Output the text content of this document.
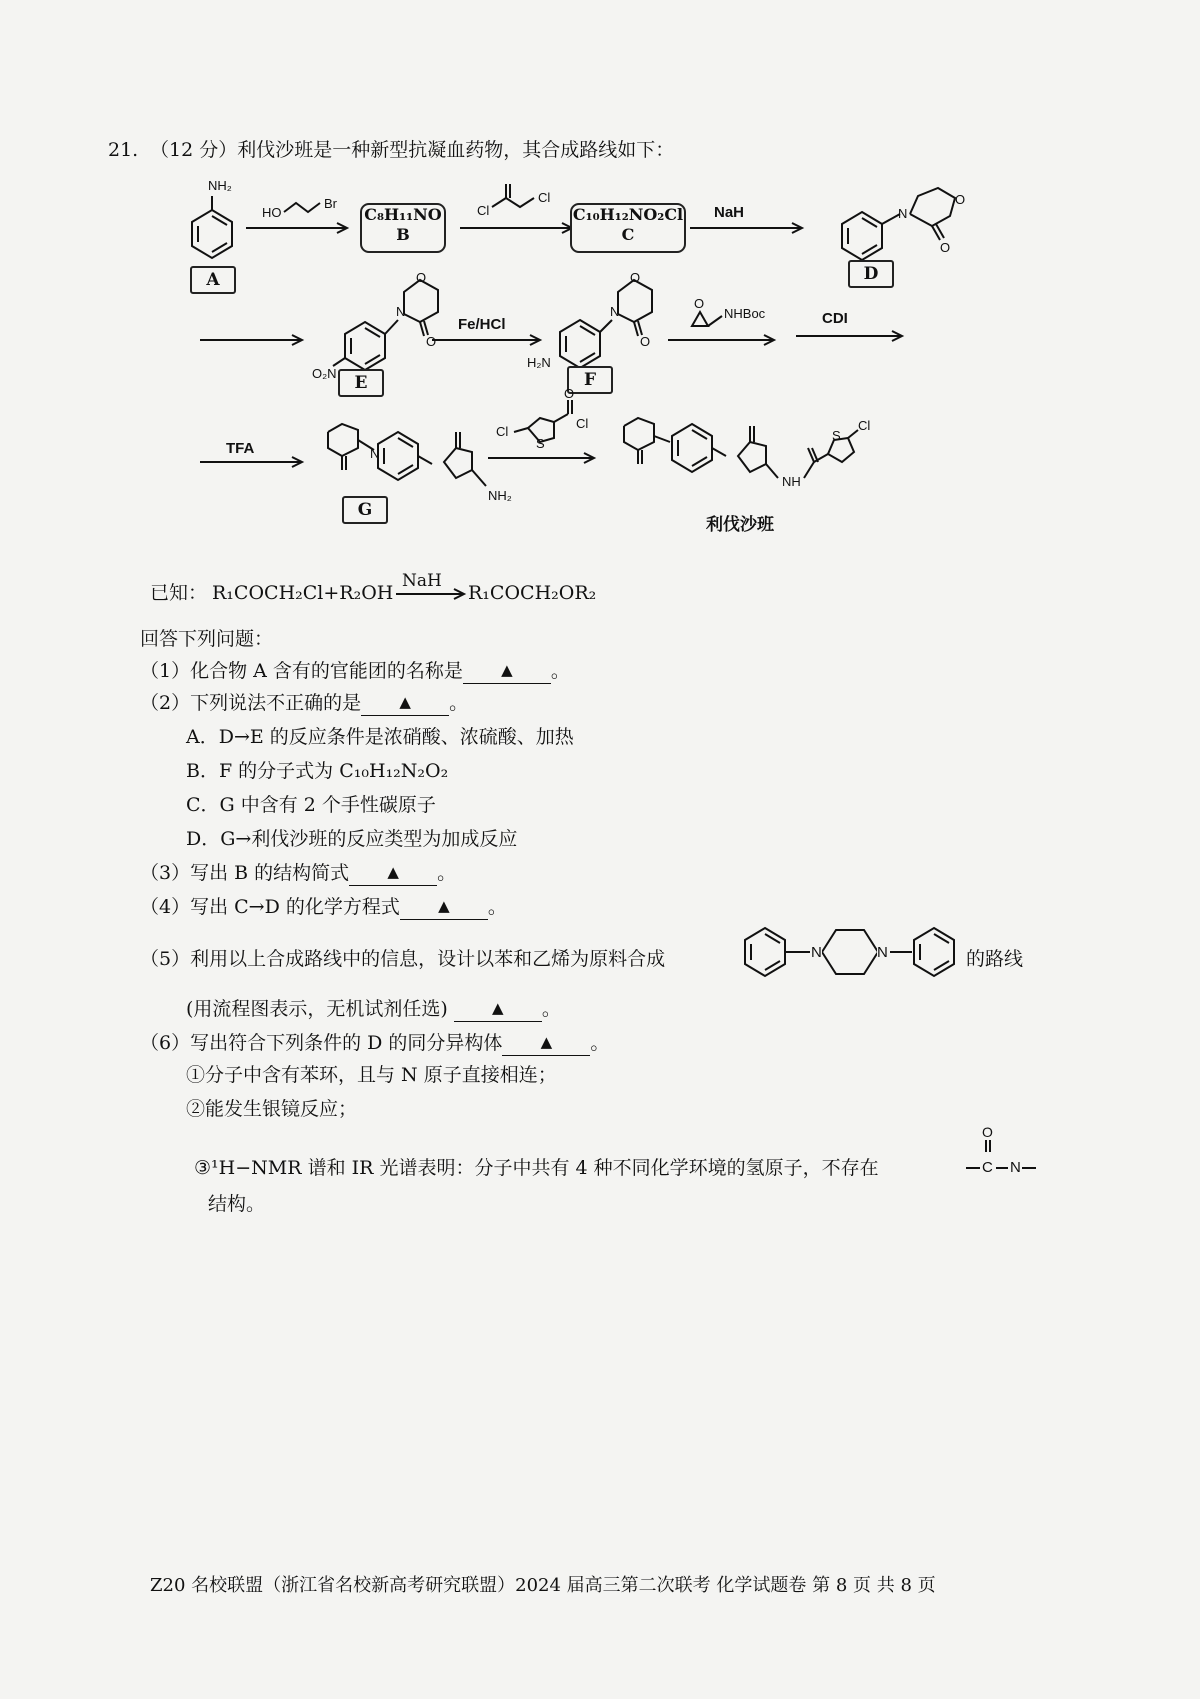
21. （12 分）利伐沙班是一种新型抗凝血药物，其合成路线如下：
NH₂
A
HO
Br
C₈H₁₁NO
B
Cl
Cl
C₁₀H₁₂NO₂Cl
C
NaH	N
O
O
D
O₂N
N
O
O
E
Fe/HCl
H₂N
N
O
O
F
O
NHBoc	CDI
TFA	N
NH₂
G
S
Cl
Cl
O
NH
S
Cl
利伐沙班
已知： R₁COCH₂Cl+R₂OH
NaH
R₁COCH₂OR₂
回答下列问题：
（1）化合物 A 含有的官能团的名称是	▲ 。
（2）下列说法不正确的是	▲ 。
A．D→E 的反应条件是浓硝酸、浓硫酸、加热
B．F 的分子式为 C₁₀H₁₂N₂O₂
C．G 中含有 2 个手性碳原子
D．G→利伐沙班的反应类型为加成反应
（3）写出 B 的结构简式	▲ 。
（4）写出 C→D 的化学方程式	▲ 。
（5）利用以上合成路线中的信息，设计以苯和乙烯为原料合成	N	N	的路线
(用流程图表示，无机试剂任选)	▲ 。
（6）写出符合下列条件的 D 的同分异构体	▲ 。
①分子中含有苯环，且与 N 原子直接相连；
②能发生银镜反应；
③¹H−NMR 谱和 IR 光谱表明：分子中共有 4 种不同化学环境的氢原子，不存在
O
C N
结构。
Z20 名校联盟（浙江省名校新高考研究联盟）2024 届高三第二次联考 化学试题卷 第 8 页 共 8 页
